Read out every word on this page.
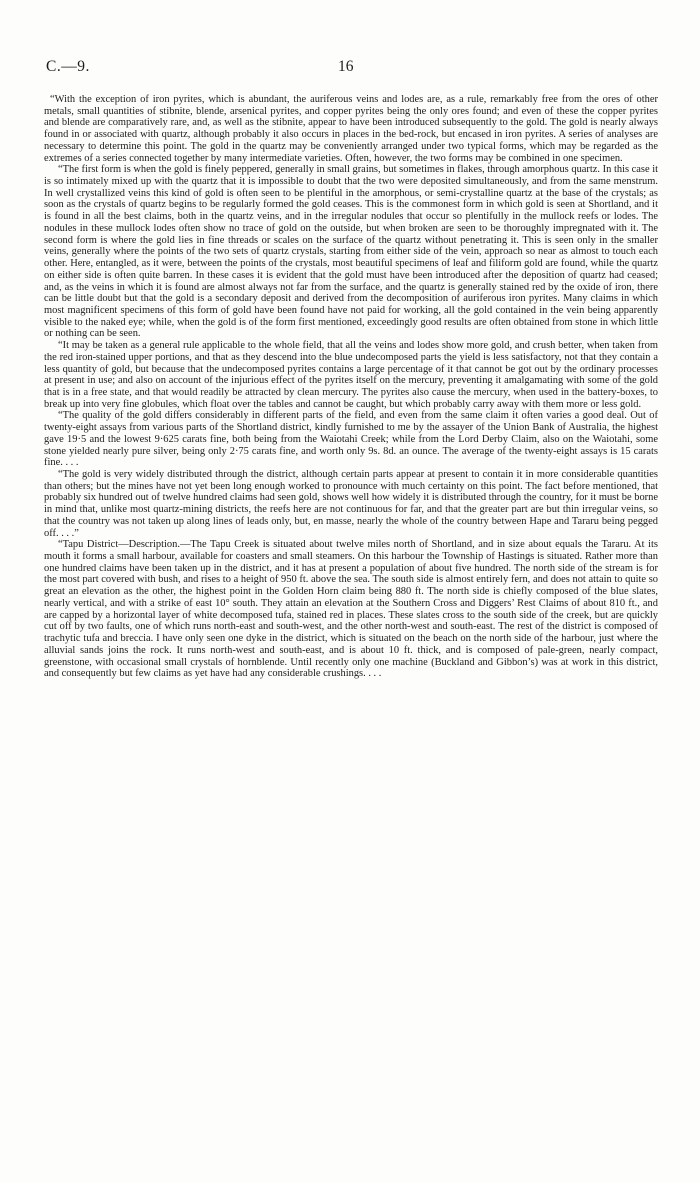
C.—9.	16

“With the exception of iron pyrites, which is abundant, the auriferous veins and lodes are, as a rule, remarkably free from the ores of other metals, small quantities of stibnite, blende, arsenical pyrites, and copper pyrites being the only ores found; and even of these the copper pyrites and blende are comparatively rare, and, as well as the stibnite, appear to have been introduced subsequently to the gold. The gold is nearly always found in or associated with quartz, although probably it also occurs in places in the bed-rock, but encased in iron pyrites. A series of analyses are necessary to determine this point. The gold in the quartz may be conveniently arranged under two typical forms, which may be regarded as the extremes of a series connected together by many intermediate varieties. Often, however, the two forms may be combined in one specimen.

“The first form is when the gold is finely peppered, generally in small grains, but sometimes in flakes, through amorphous quartz. In this case it is so intimately mixed up with the quartz that it is impossible to doubt that the two were deposited simultaneously, and from the same menstrum. In well crystallized veins this kind of gold is often seen to be plentiful in the amorphous, or semi-crystalline quartz at the base of the crystals; as soon as the crystals of quartz begins to be regularly formed the gold ceases. This is the commonest form in which gold is seen at Shortland, and it is found in all the best claims, both in the quartz veins, and in the irregular nodules that occur so plentifully in the mullock reefs or lodes. The nodules in these mullock lodes often show no trace of gold on the outside, but when broken are seen to be thoroughly impregnated with it. The second form is where the gold lies in fine threads or scales on the surface of the quartz without penetrating it. This is seen only in the smaller veins, generally where the points of the two sets of quartz crystals, starting from either side of the vein, approach so near as almost to touch each other. Here, entangled, as it were, between the points of the crystals, most beautiful specimens of leaf and filiform gold are found, while the quartz on either side is often quite barren. In these cases it is evident that the gold must have been introduced after the deposition of quartz had ceased; and, as the veins in which it is found are almost always not far from the surface, and the quartz is generally stained red by the oxide of iron, there can be little doubt but that the gold is a secondary deposit and derived from the decomposition of auriferous iron pyrites. Many claims in which most magnificent specimens of this form of gold have been found have not paid for working, all the gold contained in the vein being apparently visible to the naked eye; while, when the gold is of the form first mentioned, exceedingly good results are often obtained from stone in which little or nothing can be seen.

“It may be taken as a general rule applicable to the whole field, that all the veins and lodes show more gold, and crush better, when taken from the red iron-stained upper portions, and that as they descend into the blue undecomposed parts the yield is less satisfactory, not that they contain a less quantity of gold, but because that the undecomposed pyrites contains a large percentage of it that cannot be got out by the ordinary processes at present in use; and also on account of the injurious effect of the pyrites itself on the mercury, preventing it amalgamating with some of the gold that is in a free state, and that would readily be attracted by clean mercury. The pyrites also cause the mercury, when used in the battery-boxes, to break up into very fine globules, which float over the tables and cannot be caught, but which probably carry away with them more or less gold.

“The quality of the gold differs considerably in different parts of the field, and even from the same claim it often varies a good deal. Out of twenty-eight assays from various parts of the Shortland district, kindly furnished to me by the assayer of the Union Bank of Australia, the highest gave 19·5 and the lowest 9·625 carats fine, both being from the Waiotahi Creek; while from the Lord Derby Claim, also on the Waiotahi, some stone yielded nearly pure silver, being only 2·75 carats fine, and worth only 9s. 8d. an ounce. The average of the twenty-eight assays is 15 carats fine. . . .

“The gold is very widely distributed through the district, although certain parts appear at present to contain it in more considerable quantities than others; but the mines have not yet been long enough worked to pronounce with much certainty on this point. The fact before mentioned, that probably six hundred out of twelve hundred claims had seen gold, shows well how widely it is distributed through the country, for it must be borne in mind that, unlike most quartz-mining districts, the reefs here are not continuous for far, and that the greater part are but thin irregular veins, so that the country was not taken up along lines of leads only, but, en masse, nearly the whole of the country between Hape and Tararu being pegged off. . . .”

“Tapu District—Description.—The Tapu Creek is situated about twelve miles north of Shortland, and in size about equals the Tararu. At its mouth it forms a small harbour, available for coasters and small steamers. On this harbour the Township of Hastings is situated. Rather more than one hundred claims have been taken up in the district, and it has at present a population of about five hundred. The north side of the stream is for the most part covered with bush, and rises to a height of 950 ft. above the sea. The south side is almost entirely fern, and does not attain to quite so great an elevation as the other, the highest point in the Golden Horn claim being 880 ft. The north side is chiefly composed of the blue slates, nearly vertical, and with a strike of east 10° south. They attain an elevation at the Southern Cross and Diggers’ Rest Claims of about 810 ft., and are capped by a horizontal layer of white decomposed tufa, stained red in places. These slates cross to the south side of the creek, but are quickly cut off by two faults, one of which runs north-east and south-west, and the other north-west and south-east. The rest of the district is composed of trachytic tufa and breccia. I have only seen one dyke in the district, which is situated on the beach on the north side of the harbour, just where the alluvial sands joins the rock. It runs north-west and south-east, and is about 10 ft. thick, and is composed of pale-green, nearly compact, greenstone, with occasional small crystals of hornblende. Until recently only one machine (Buckland and Gibbon’s) was at work in this district, and consequently but few claims as yet have had any considerable crushings. . . .
